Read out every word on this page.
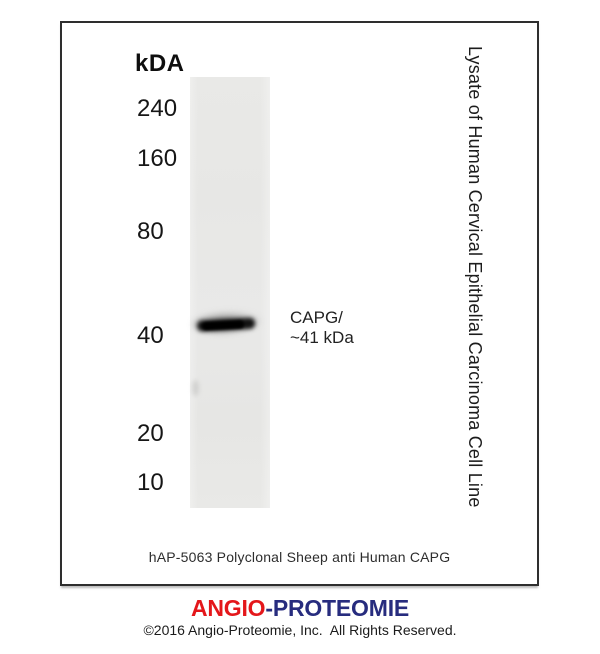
kDA
240
160
80
40
20
10
CAPG/
~41 kDa
hAP-5063 Polyclonal Sheep anti Human CAPG
Lysate of Human Cervical Epithelial Carcinoma Cell Line
ANGIO-PROTEOMIE
©2016 Angio-Proteomie, Inc.  All Rights Reserved.
